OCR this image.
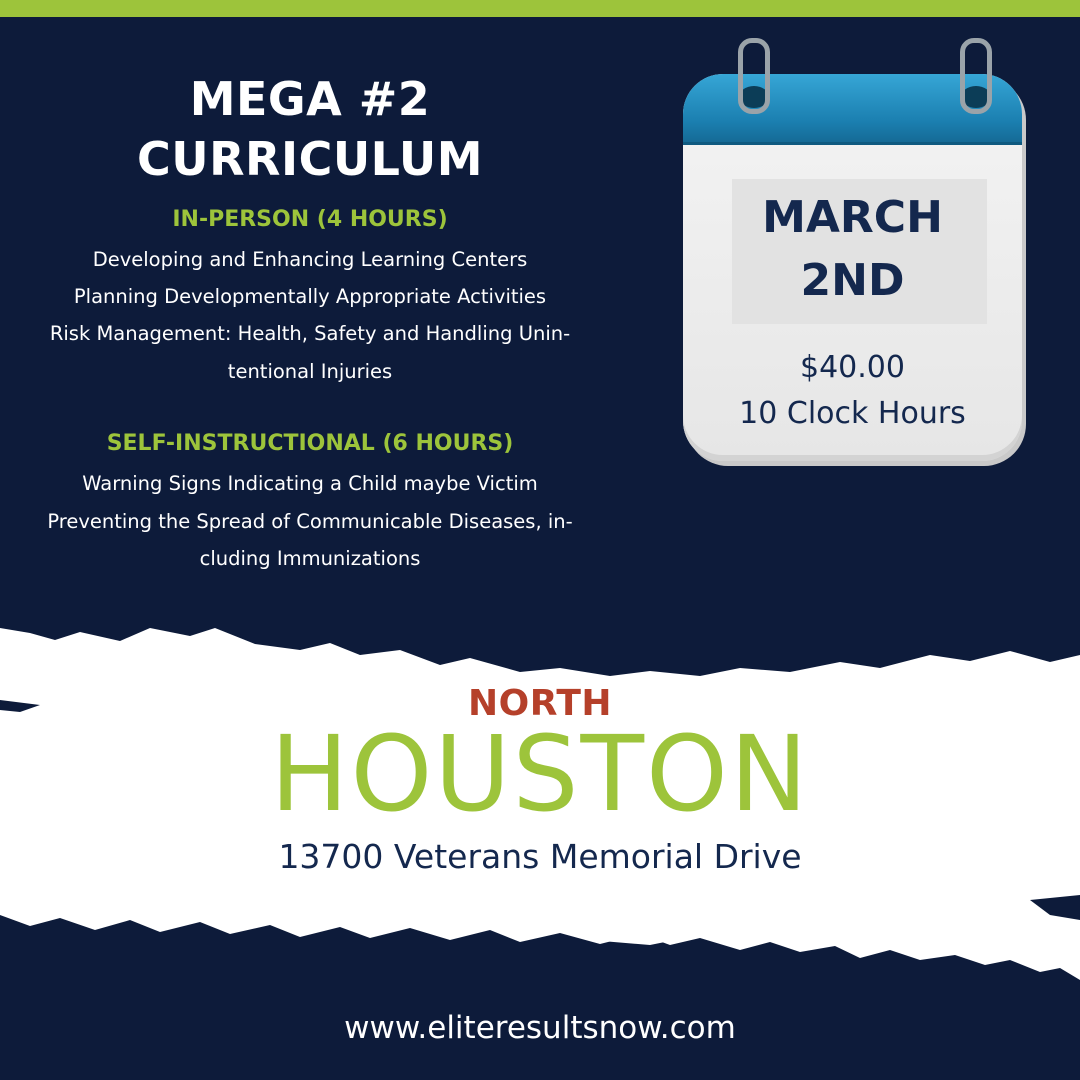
MEGA #2
CURRICULUM
IN-PERSON (4 HOURS)
Developing and Enhancing Learning Centers
Planning Developmentally Appropriate Activities
Risk Management: Health, Safety and Handling Unin-
tentional Injuries
SELF-INSTRUCTIONAL (6 HOURS)
Warning Signs Indicating a Child maybe Victim
Preventing the Spread of Communicable Diseases, in-
cluding Immunizations
MARCH
2ND
$40.00
10 Clock Hours
NORTH
HOUSTON
13700 Veterans Memorial Drive
www.eliteresultsnow.com
